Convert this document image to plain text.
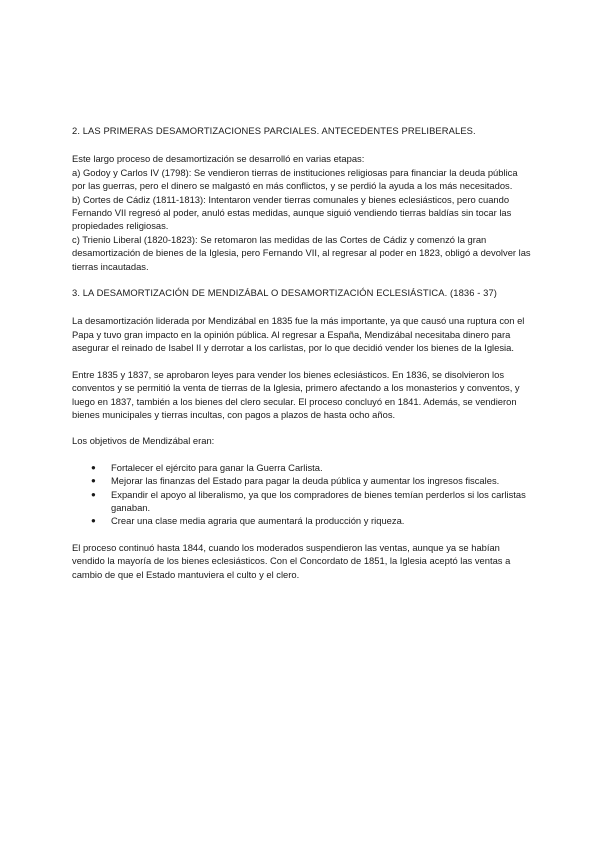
2. LAS PRIMERAS DESAMORTIZACIONES PARCIALES. ANTECEDENTES PRELIBERALES.

Este largo proceso de desamortización se desarrolló en varias etapas:

a) Godoy y Carlos IV (1798): Se vendieron tierras de instituciones religiosas para financiar la deuda pública por las guerras, pero el dinero se malgastó en más conflictos, y se perdió la ayuda a los más necesitados.

b) Cortes de Cádiz (1811-1813): Intentaron vender tierras comunales y bienes eclesiásticos, pero cuando Fernando VII regresó al poder, anuló estas medidas, aunque siguió vendiendo tierras baldías sin tocar las propiedades religiosas.

c) Trienio Liberal (1820-1823): Se retomaron las medidas de las Cortes de Cádiz y comenzó la gran desamortización de bienes de la Iglesia, pero Fernando VII, al regresar al poder en 1823, obligó a devolver las tierras incautadas.

3. LA DESAMORTIZACIÓN DE MENDIZÁBAL O DESAMORTIZACIÓN ECLESIÁSTICA. (1836 - 37)

La desamortización liderada por Mendizábal en 1835 fue la más importante, ya que causó una ruptura con el Papa y tuvo gran impacto en la opinión pública. Al regresar a España, Mendizábal necesitaba dinero para asegurar el reinado de Isabel II y derrotar a los carlistas, por lo que decidió vender los bienes de la Iglesia.

Entre 1835 y 1837, se aprobaron leyes para vender los bienes eclesiásticos. En 1836, se disolvieron los conventos y se permitió la venta de tierras de la Iglesia, primero afectando a los monasterios y conventos, y luego en 1837, también a los bienes del clero secular. El proceso concluyó en 1841. Además, se vendieron bienes municipales y tierras incultas, con pagos a plazos de hasta ocho años.

Los objetivos de Mendizábal eran:

● Fortalecer el ejército para ganar la Guerra Carlista.
● Mejorar las finanzas del Estado para pagar la deuda pública y aumentar los ingresos fiscales.
● Expandir el apoyo al liberalismo, ya que los compradores de bienes temían perderlos si los carlistas ganaban.
● Crear una clase media agraria que aumentará la producción y riqueza.

El proceso continuó hasta 1844, cuando los moderados suspendieron las ventas, aunque ya se habían vendido la mayoría de los bienes eclesiásticos. Con el Concordato de 1851, la Iglesia aceptó las ventas a cambio de que el Estado mantuviera el culto y el clero.
